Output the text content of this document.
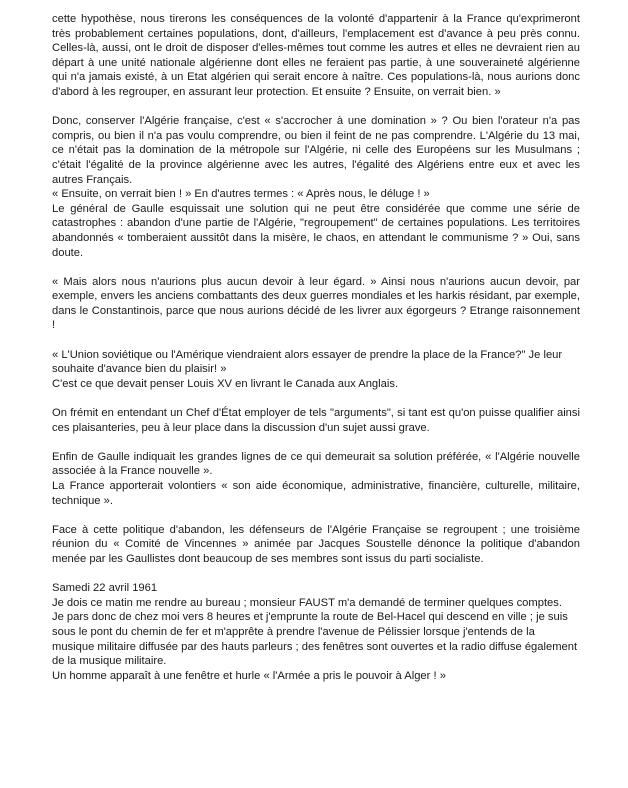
cette hypothèse, nous tirerons les conséquences de la volonté d'appartenir à la France qu'exprimeront très probablement certaines populations, dont, d'ailleurs, l'emplacement est d'avance à peu près connu. Celles-là, aussi, ont le droit de disposer d'elles-mêmes tout comme les autres et elles ne devraient rien au départ à une unité nationale algérienne dont elles ne feraient pas partie, à une souveraineté algérienne qui n'a jamais existé, à un Etat algérien qui serait encore à naître. Ces populations-là, nous aurions donc d'abord à les regrouper, en assurant leur protection. Et ensuite ? Ensuite, on verrait bien. »

Donc, conserver l'Algérie française, c'est « s'accrocher à une domination » ? Ou bien l'orateur n'a pas compris, ou bien il n'a pas voulu comprendre, ou bien il feint de ne pas comprendre. L'Algérie du 13 mai, ce n'était pas la domination de la métropole sur l'Algérie, ni celle des Européens sur les Musulmans ; c'était l'égalité de la province algérienne avec les autres, l'égalité des Algériens entre eux et avec les autres Français.

« Ensuite, on verrait bien ! » En d'autres termes : « Après nous, le déluge ! »

Le général de Gaulle esquissait une solution qui ne peut être considérée que comme une série de catastrophes : abandon d'une partie de l'Algérie, "regroupement" de certaines populations. Les territoires abandonnés « tomberaient aussitôt dans la misère, le chaos, en attendant le communisme ? » Oui, sans doute.

« Mais alors nous n'aurions plus aucun devoir à leur égard. » Ainsi nous n'aurions aucun devoir, par exemple, envers les anciens combattants des deux guerres mondiales et les harkis résidant, par exemple, dans le Constantinois, parce que nous aurions décidé de les livrer aux égorgeurs ? Etrange raisonnement !

« L'Union soviétique ou l'Amérique viendraient alors essayer de prendre la place de la France?" Je leur souhaite d'avance bien du plaisir! »

C'est ce que devait penser Louis XV en livrant le Canada aux Anglais.

On frémit en entendant un Chef d'État employer de tels "arguments", si tant est qu'on puisse qualifier ainsi ces plaisanteries, peu à leur place dans la discussion d'un sujet aussi grave.

Enfin de Gaulle indiquait les grandes lignes de ce qui demeurait sa solution préférée, « l'Algérie nouvelle associée à la France nouvelle ».

La France apporterait volontiers « son aide économique, administrative, financière, culturelle, militaire, technique ».

Face à cette politique d'abandon, les défenseurs de l'Algérie Française se regroupent ; une troisième réunion du « Comité de Vincennes » animée par Jacques Soustelle dénonce la politique d'abandon menée par les Gaullistes dont beaucoup de ses membres sont issus du parti socialiste.

Samedi 22 avril 1961

Je dois ce matin me rendre au bureau ; monsieur FAUST m'a demandé de terminer quelques comptes.

Je pars donc de chez moi vers 8 heures et j'emprunte la route de Bel-Hacel qui descend en ville ; je suis sous le pont du chemin de fer et m'apprête à prendre l'avenue de Pélissier lorsque j'entends de la musique militaire diffusée par des hauts parleurs ; des fenêtres sont ouvertes et la radio diffuse également de la musique militaire.

Un homme apparaît à une fenêtre et hurle « l'Armée a pris le pouvoir à Alger ! »
